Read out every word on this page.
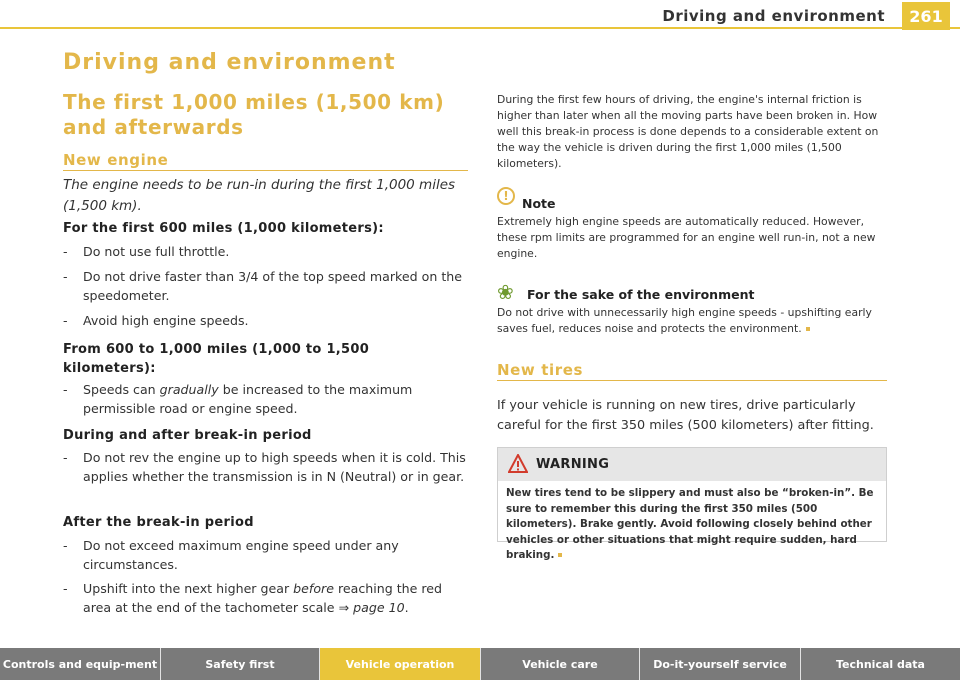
Driving and environment	261
Driving and environment
The first 1,000 miles (1,500 km) and afterwards
New engine
The engine needs to be run-in during the first 1,000 miles (1,500 km).
For the first 600 miles (1,000 kilometers):
- Do not use full throttle.
- Do not drive faster than 3/4 of the top speed marked on the speedometer.
- Avoid high engine speeds.
From 600 to 1,000 miles (1,000 to 1,500 kilometers):
- Speeds can gradually be increased to the maximum permissible road or engine speed.
During and after break-in period
- Do not rev the engine up to high speeds when it is cold. This applies whether the transmission is in N (Neutral) or in gear.
After the break-in period
- Do not exceed maximum engine speed under any circumstances.
- Upshift into the next higher gear before reaching the red area at the end of the tachometer scale ⇒ page 10.
During the first few hours of driving, the engine's internal friction is higher than later when all the moving parts have been broken in. How well this break-in process is done depends to a considerable extent on the way the vehicle is driven during the first 1,000 miles (1,500 kilometers).
!	Note
Extremely high engine speeds are automatically reduced. However, these rpm limits are programmed for an engine well run-in, not a new engine.
❀ For the sake of the environment
Do not drive with unnecessarily high engine speeds - upshifting early saves fuel, reduces noise and protects the environment.
New tires
If your vehicle is running on new tires, drive particularly careful for the first 350 miles (500 kilometers) after fitting.
WARNING
New tires tend to be slippery and must also be “broken-in”. Be sure to remember this during the first 350 miles (500 kilometers). Brake gently. Avoid following closely behind other vehicles or other situations that might require sudden, hard braking.
Controls and equip-ment	Safety first	Vehicle operation	Vehicle care	Do-it-yourself service	Technical data
